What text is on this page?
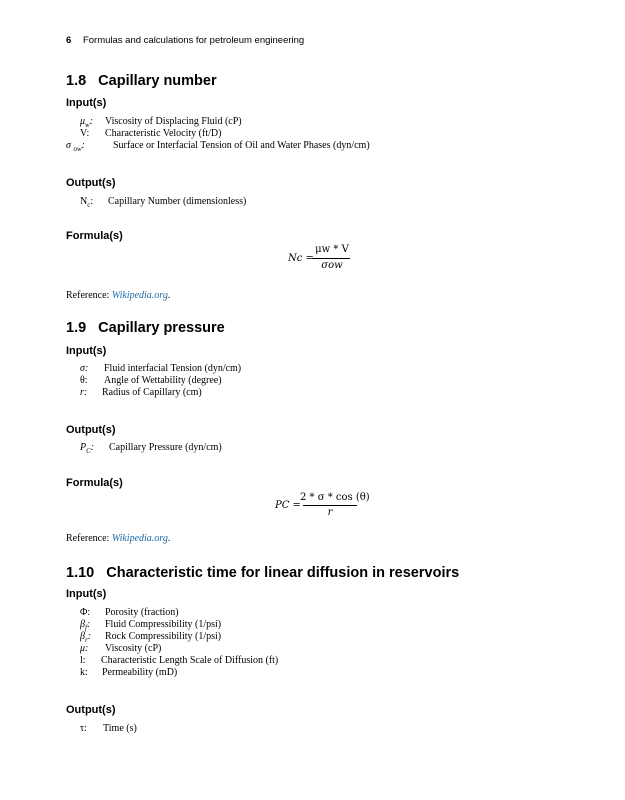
6 Formulas and calculations for petroleum engineering
1.8 Capillary number
Input(s)
$\mu_w$: Viscosity of Displacing Fluid (cP)
V: Characteristic Velocity (ft/D)
σ $_{ow}$:	Surface or Interfacial Tension of Oil and Water Phases (dyn/cm)
Output(s)
$N_c$: Capillary Number (dimensionless)
Formula(s)
Nc =
μw * V
σow
Reference: Wikipedia.org.
1.9 Capillary pressure
Input(s)
σ: Fluid interfacial Tension (dyn/cm)
θ: Angle of Wettability (degree)
r: Radius of Capillary (cm)
Output(s)
$P_C$: Capillary Pressure (dyn/cm)
Formula(s)
PC =
2 * σ * cos (θ)
r
Reference: Wikipedia.org.
1.10 Characteristic time for linear diffusion in reservoirs
Input(s)
Φ: Porosity (fraction)
$\beta_f$: Fluid Compressibility (1/psi)
$\beta_r$: Rock Compressibility (1/psi)
μ: Viscosity (cP)
l: Characteristic Length Scale of Diffusion (ft)
k: Permeability (mD)
Output(s)
τ: Time (s)
